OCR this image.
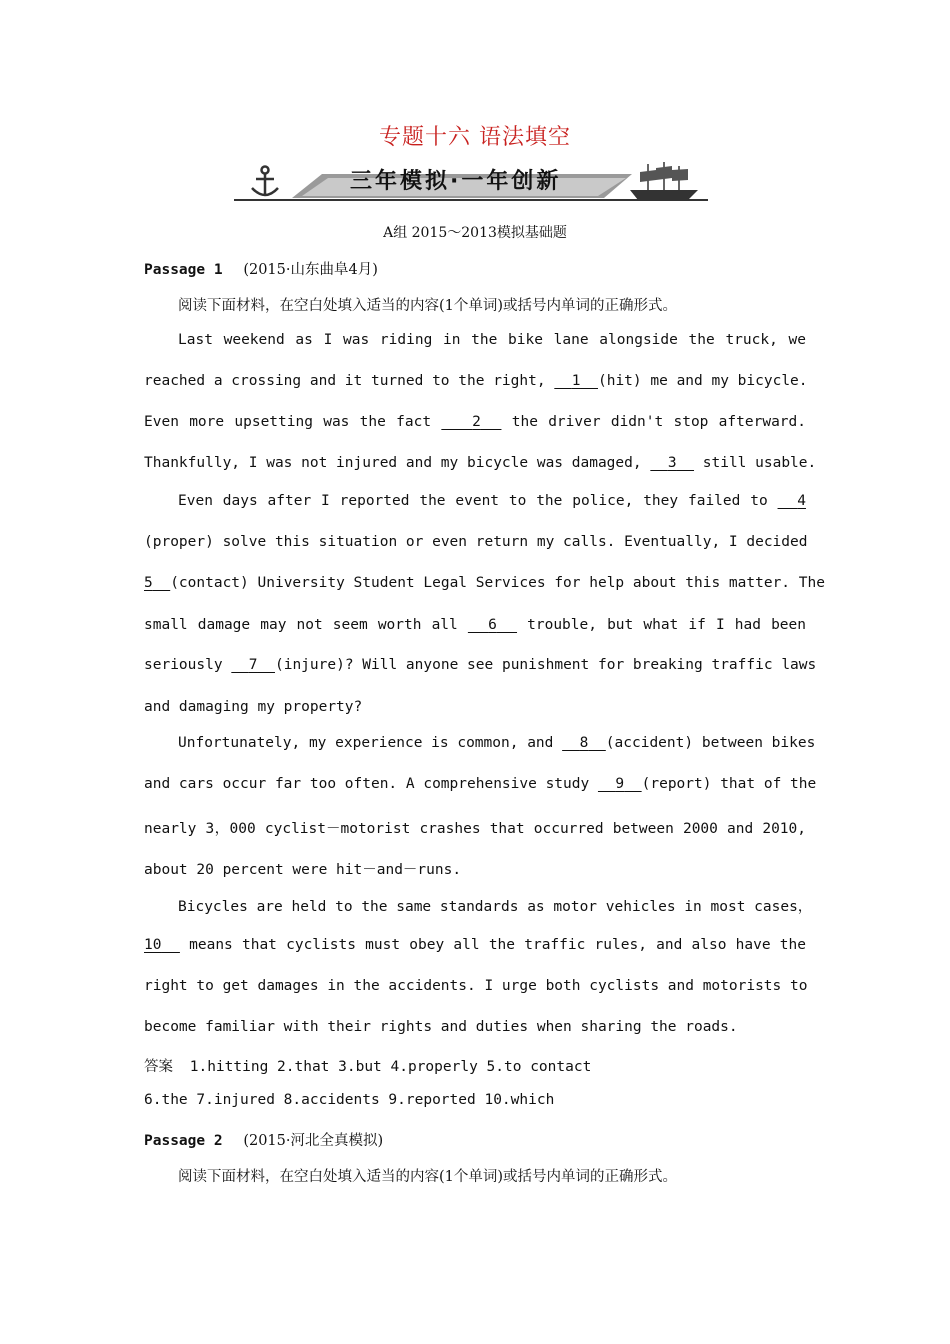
专题十六 语法填空
三年模拟·一年创新
A组 2015～2013模拟基础题
Passage 1 (2015·山东曲阜4月)
阅读下面材料，在空白处填入适当的内容(1个单词)或括号内单词的正确形式。
Last weekend as I was riding in the bike lane alongside the truck, we
reached a crossing and it turned to the right, 1 (hit) me and my bicycle.
Even more upsetting was the fact	2 the driver didn't stop afterward.
Thankfully, I was not injured and my bicycle was damaged, 3 still usable.
Even days after I reported the event to the police, they failed to 4
(proper) solve this situation or even return my calls. Eventually, I decided
5 (contact) University Student Legal Services for help about this matter. The
small damage may not seem worth all 6 trouble, but what if I had been
seriously 7 (injure)? Will anyone see punishment for breaking traffic laws
and damaging my property?
Unfortunately, my experience is common, and 8 (accident) between bikes
and cars occur far too often. A comprehensive study 9 (report) that of the
nearly 3，000 cyclist－motorist crashes that occurred between 2000 and 2010,
about 20 percent were hit－and－runs.
Bicycles are held to the same standards as motor vehicles in most cases，
10 means that cyclists must obey all the traffic rules, and also have the
right to get damages in the accidents. I urge both cyclists and motorists to
become familiar with their rights and duties when sharing the roads.
答案 1.hitting 2.that 3.but 4.properly 5.to contact
6.the 7.injured 8.accidents 9.reported 10.which
Passage 2 (2015·河北全真模拟)
阅读下面材料，在空白处填入适当的内容(1个单词)或括号内单词的正确形式。
